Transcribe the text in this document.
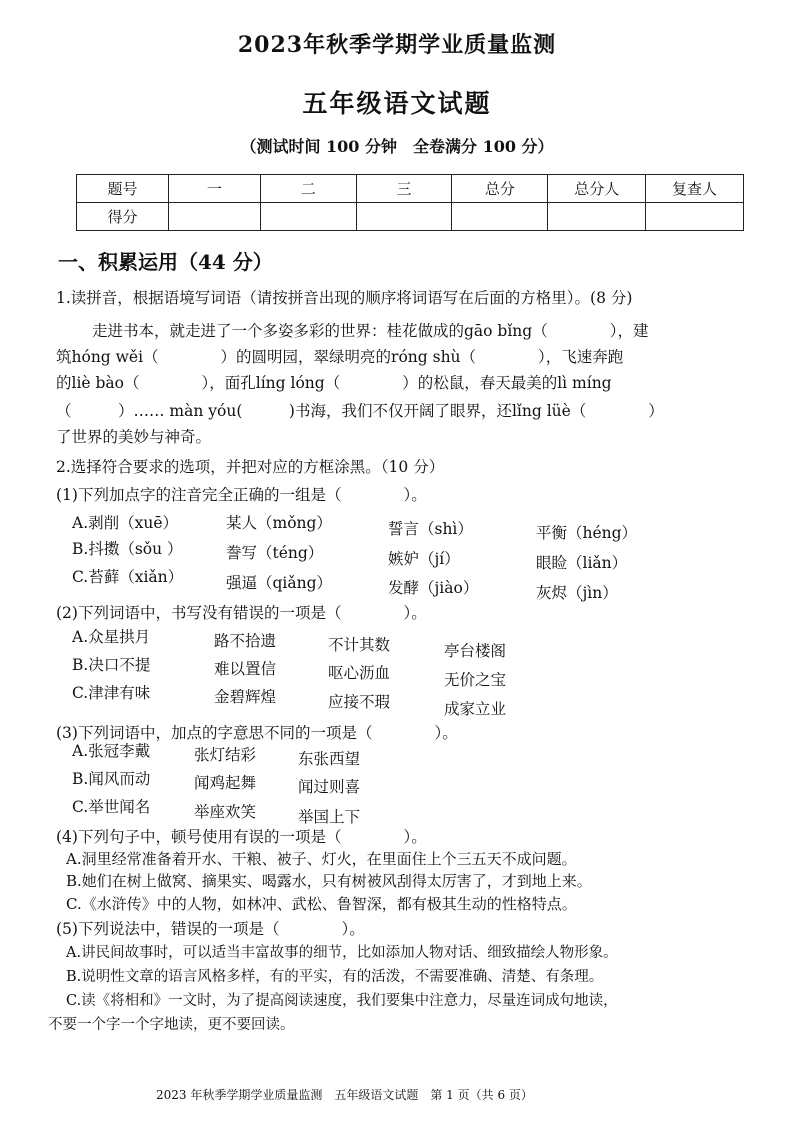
2023年秋季学期学业质量监测
五年级语文试题
（测试时间 100 分钟　全卷满分 100 分）
题号	一	二	三	总分	总分人	复查人
得分						
一、积累运用（44 分）
1.读拼音，根据语境写词语（请按拼音出现的顺序将词语写在后面的方格里）。(8 分)
走进书本，就走进了一个多姿多彩的世界：桂花做成的gāo bǐng（　　　　），建
筑hóng wěi（　　　　）的圆明园，翠绿明亮的róng shù（　　　　），飞速奔跑
的liè bào（　　　　），面孔líng lóng（　　　　）的松鼠，春天最美的lì míng
（　　　）…… màn yóu(　　　)书海，我们不仅开阔了眼界，还lǐng lüè（　　　　）
了世界的美妙与神奇。
2.选择符合要求的选项，并把对应的方框涂黑。（10 分）
(1)下列加点字的注音完全正确的一组是（　　　　）。
A.剥削（xuē）	某人（mǒng）	誓言（shì）	平衡（héng）
B.抖擞（sǒu ）	誊写（téng）	嫉妒（jí）	眼睑（liǎn）
C.苔藓（xiǎn）	强逼（qiǎng）	发酵（jiào）	灰烬（jìn）
(2)下列词语中，书写没有错误的一项是（　　　　）。
A.众星拱月	路不拾遗	不计其数	亭台楼阁
B.决口不提	难以置信	呕心沥血	无价之宝
C.津津有味	金碧辉煌	应接不瑕	成家立业
(3)下列词语中，加点的字意思不同的一项是（　　　　）。
A.张冠李戴	张灯结彩	东张西望
B.闻风而动	闻鸡起舞	闻过则喜
C.举世闻名	举座欢笑	举国上下
(4)下列句子中，顿号使用有误的一项是（　　　　）。
A.洞里经常准备着开水、干粮、被子、灯火，在里面住上个三五天不成问题。
B.她们在树上做窝、摘果实、喝露水，只有树被风刮得太厉害了，才到地上来。
C.《水浒传》中的人物，如林冲、武松、鲁智深，都有极其生动的性格特点。
(5)下列说法中，错误的一项是（　　　　）。
A.讲民间故事时，可以适当丰富故事的细节，比如添加人物对话、细致描绘人物形象。
B.说明性文章的语言风格多样，有的平实，有的活泼，不需要准确、清楚、有条理。
C.读《将相和》一文时，为了提高阅读速度，我们要集中注意力，尽量连词成句地读，
不要一个字一个字地读，更不要回读。
2023 年秋季学期学业质量监测　五年级语文试题 第 1 页（共 6 页）
